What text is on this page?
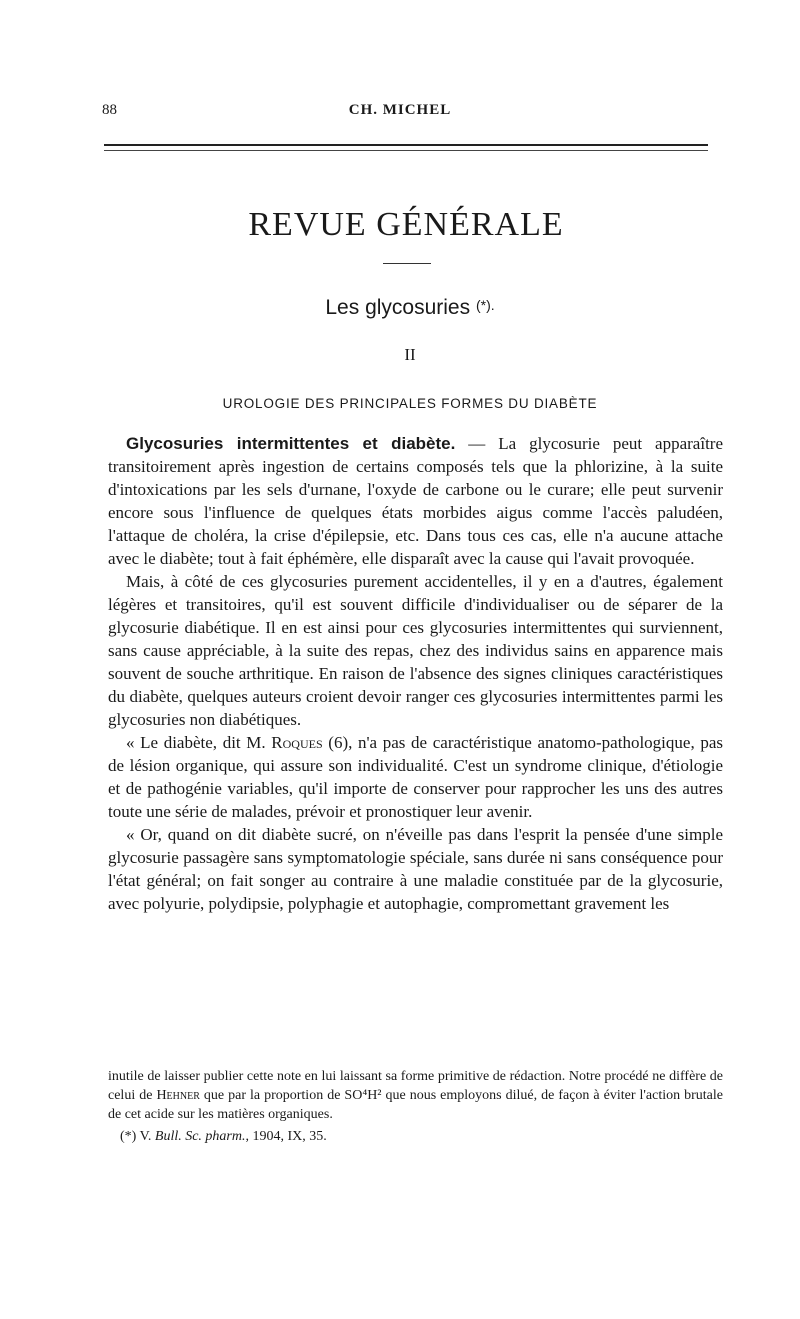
88	CH. MICHEL
REVUE GÉNÉRALE
Les glycosuries (*).
II
UROLOGIE DES PRINCIPALES FORMES DU DIABÈTE

Glycosuries intermittentes et diabète. — La glycosurie peut apparaître transitoirement après ingestion de certains composés tels que la phlorizine, à la suite d'intoxications par les sels d'urnane, l'oxyde de carbone ou le curare; elle peut survenir encore sous l'influence de quelques états morbides aigus comme l'accès paludéen, l'attaque de choléra, la crise d'épilepsie, etc. Dans tous ces cas, elle n'a aucune attache avec le diabète; tout à fait éphémère, elle disparaît avec la cause qui l'avait provoquée.

Mais, à côté de ces glycosuries purement accidentelles, il y en a d'autres, également légères et transitoires, qu'il est souvent difficile d'individualiser ou de séparer de la glycosurie diabétique. Il en est ainsi pour ces glycosuries intermittentes qui surviennent, sans cause appréciable, à la suite des repas, chez des individus sains en apparence mais souvent de souche arthritique. En raison de l'absence des signes cliniques caractéristiques du diabète, quelques auteurs croient devoir ranger ces glycosuries intermittentes parmi les glycosuries non diabétiques.

« Le diabète, dit M. Roques (6), n'a pas de caractéristique anatomo-pathologique, pas de lésion organique, qui assure son individualité. C'est un syndrome clinique, d'étiologie et de pathogénie variables, qu'il importe de conserver pour rapprocher les uns des autres toute une série de malades, prévoir et pronostiquer leur avenir.

« Or, quand on dit diabète sucré, on n'éveille pas dans l'esprit la pensée d'une simple glycosurie passagère sans symptomatologie spéciale, sans durée ni sans conséquence pour l'état général; on fait songer au contraire à une maladie constituée par de la glycosurie, avec polyurie, polydipsie, polyphagie et autophagie, compromettant gravement les

inutile de laisser publier cette note en lui laissant sa forme primitive de rédaction. Notre procédé ne diffère de celui de Hehner que par la proportion de SO⁴H² que nous employons dilué, de façon à éviter l'action brutale de cet acide sur les matières organiques.

(*) V. Bull. Sc. pharm., 1904, IX, 35.
